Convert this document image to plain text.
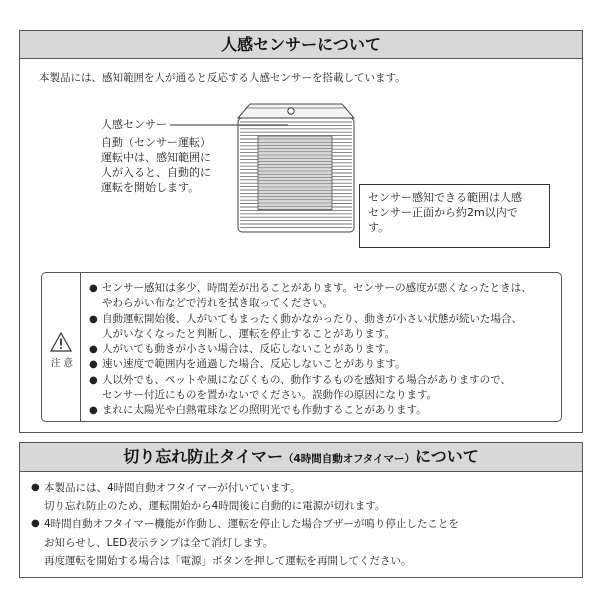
人感センサーについて
本製品には、感知範囲を人が通ると反応する人感センサーを搭載しています。
人感センサー
自動（センサー運転）
運転中は、感知範囲に
人が入ると、自動的に
運転を開始します。
センサー感知できる範囲は人感
センサー正面から約2m以内で
す。
注 意
● センサー感知は多少、時間差が出ることがあります。センサーの感度が悪くなったときは、
やわらかい布などで汚れを拭き取ってください。
● 自動運転開始後、人がいてもまったく動かなかったり、動きが小さい状態が続いた場合、
人がいなくなったと判断し、運転を停止することがあります。
● 人がいても動きが小さい場合は、反応しないことがあります。
● 速い速度で範囲内を通過した場合、反応しないことがあります。
● 人以外でも、ペットや風になびくもの、動作するものを感知する場合がありますので、
センサー付近にものを置かないでください。誤動作の原因になります。
● まれに太陽光や白熱電球などの照明光でも作動することがあります。
切り忘れ防止タイマー（4時間自動オフタイマー）について
● 本製品には、4時間自動オフタイマーが付いています。
切り忘れ防止のため、運転開始から4時間後に自動的に電源が切れます。
● 4時間自動オフタイマー機能が作動し、運転を停止した場合ブザーが鳴り停止したことを
お知らせし、LED表示ランプは全て消灯します。
再度運転を開始する場合は「電源」ボタンを押して運転を再開してください。
